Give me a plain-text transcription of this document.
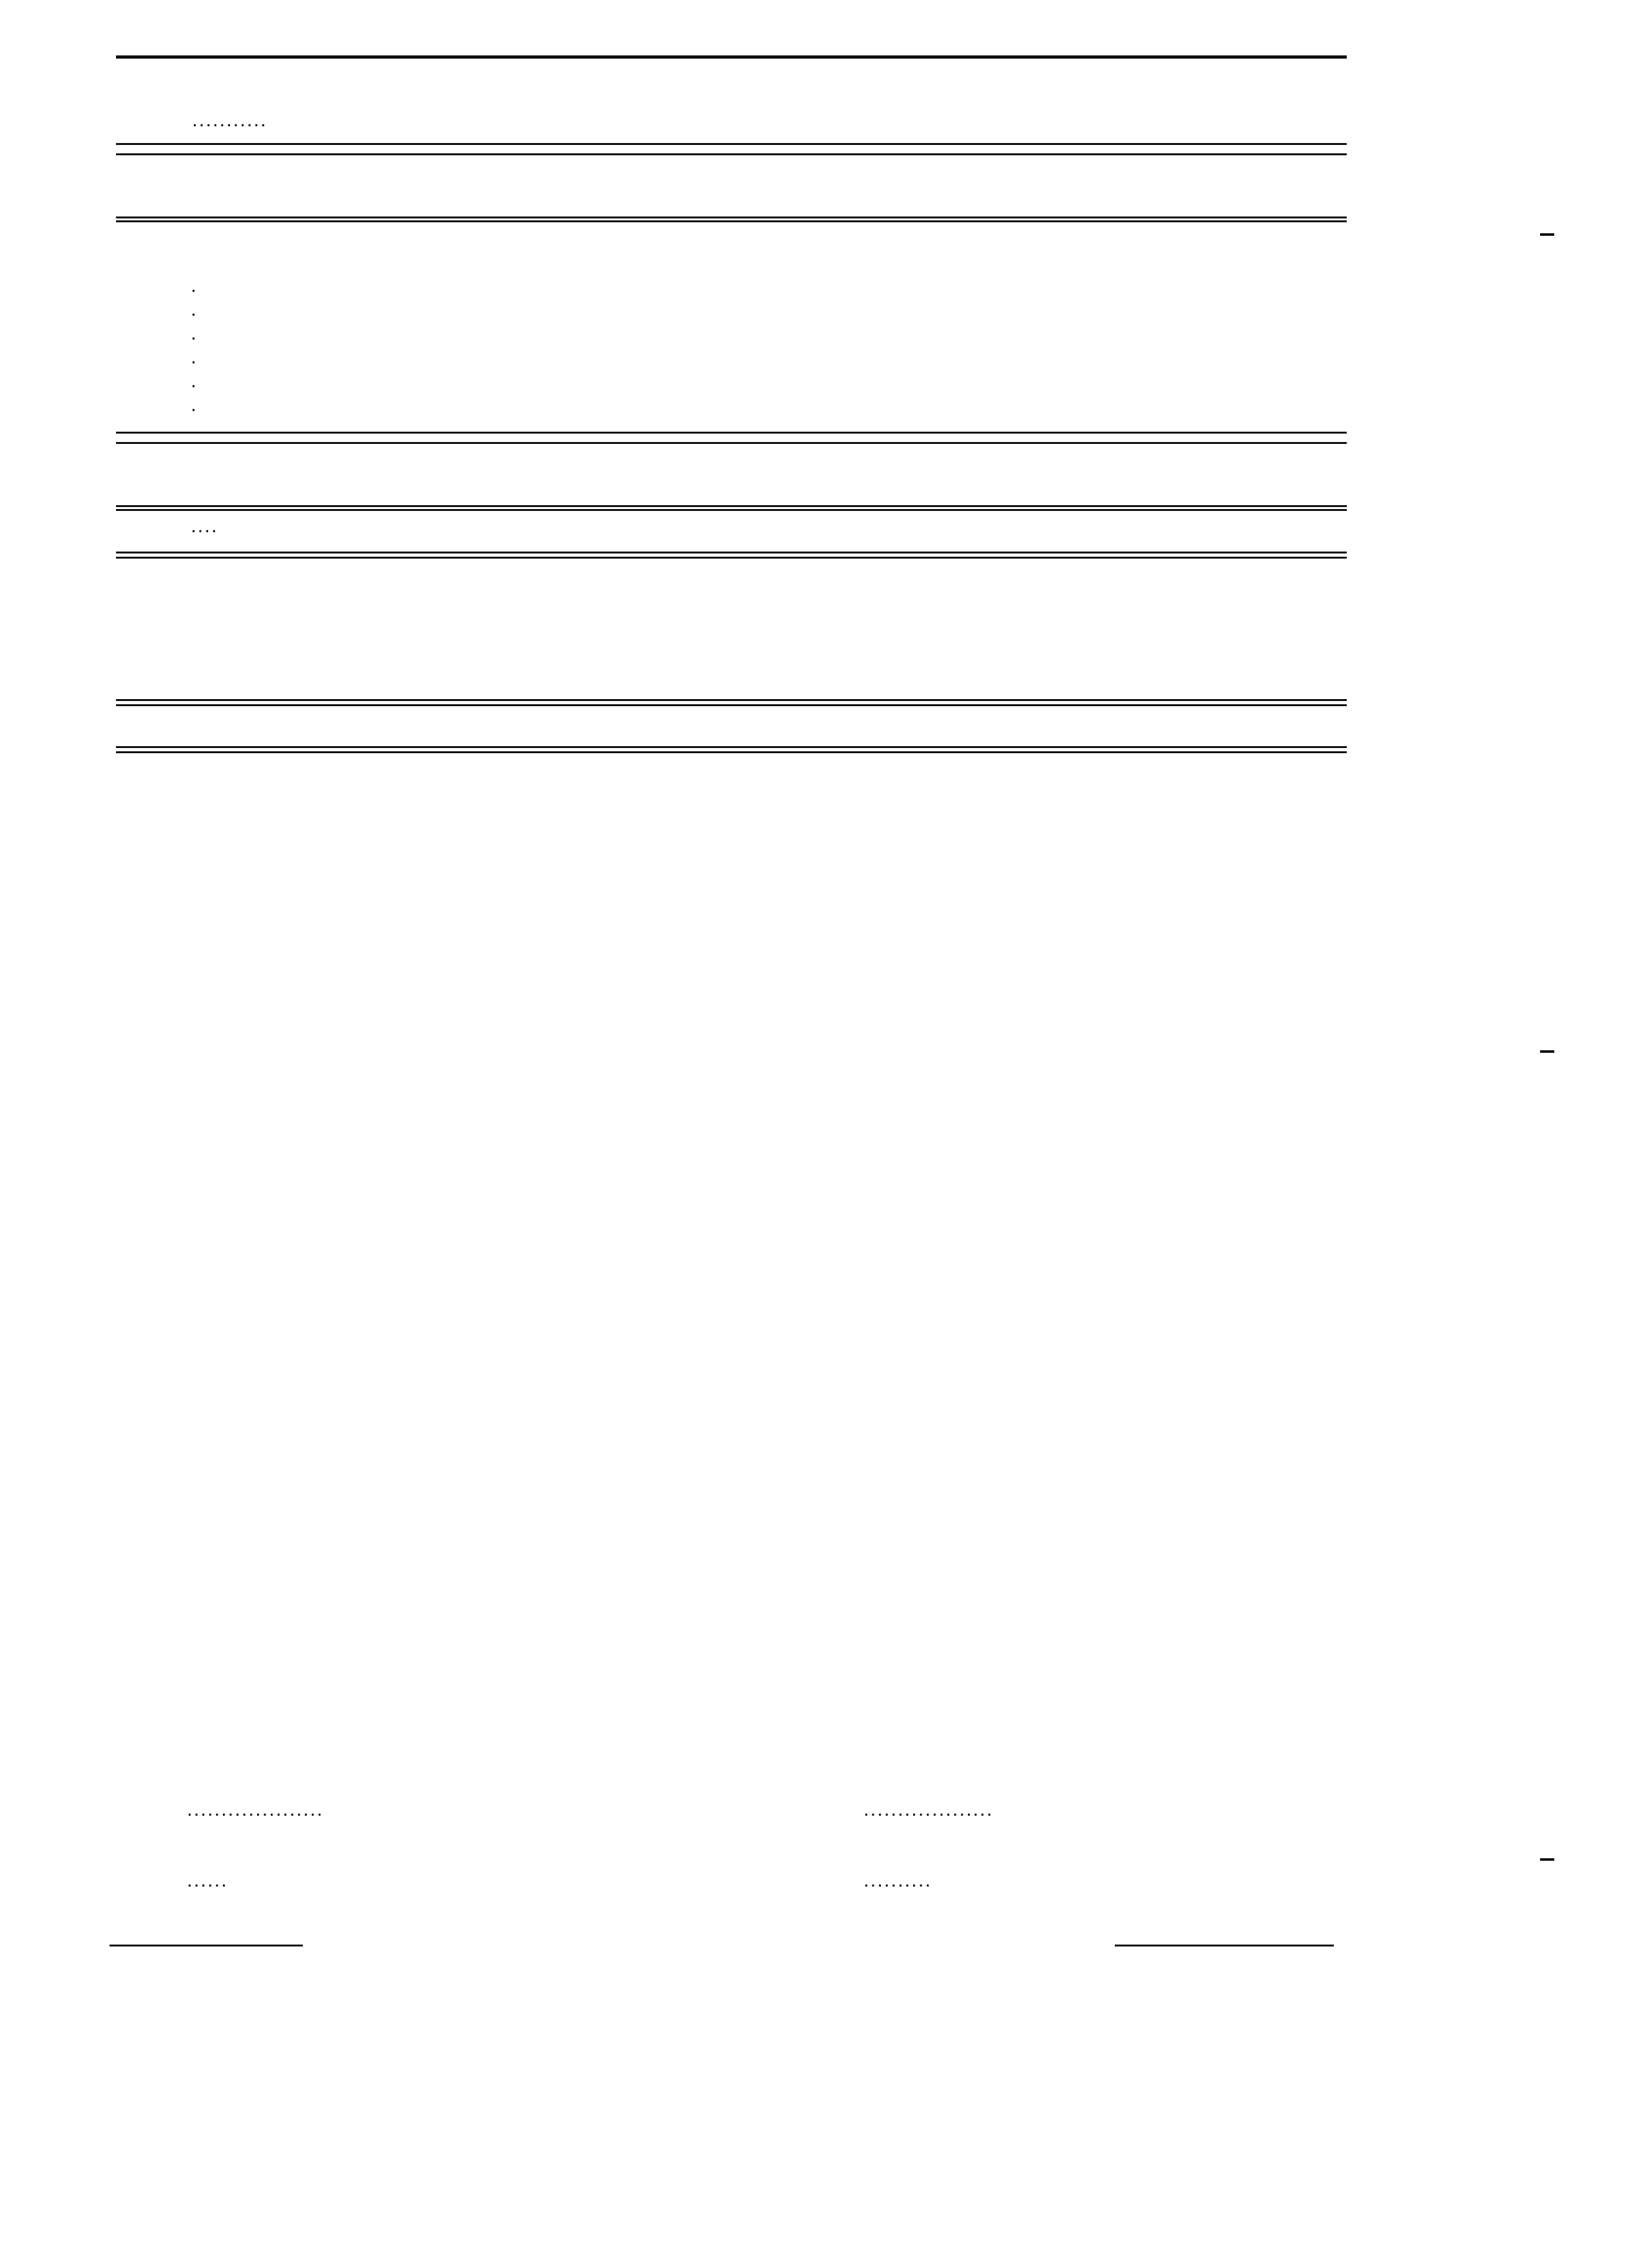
...........
.
.
.
.
.
.
....
....................	...................
......	..........
